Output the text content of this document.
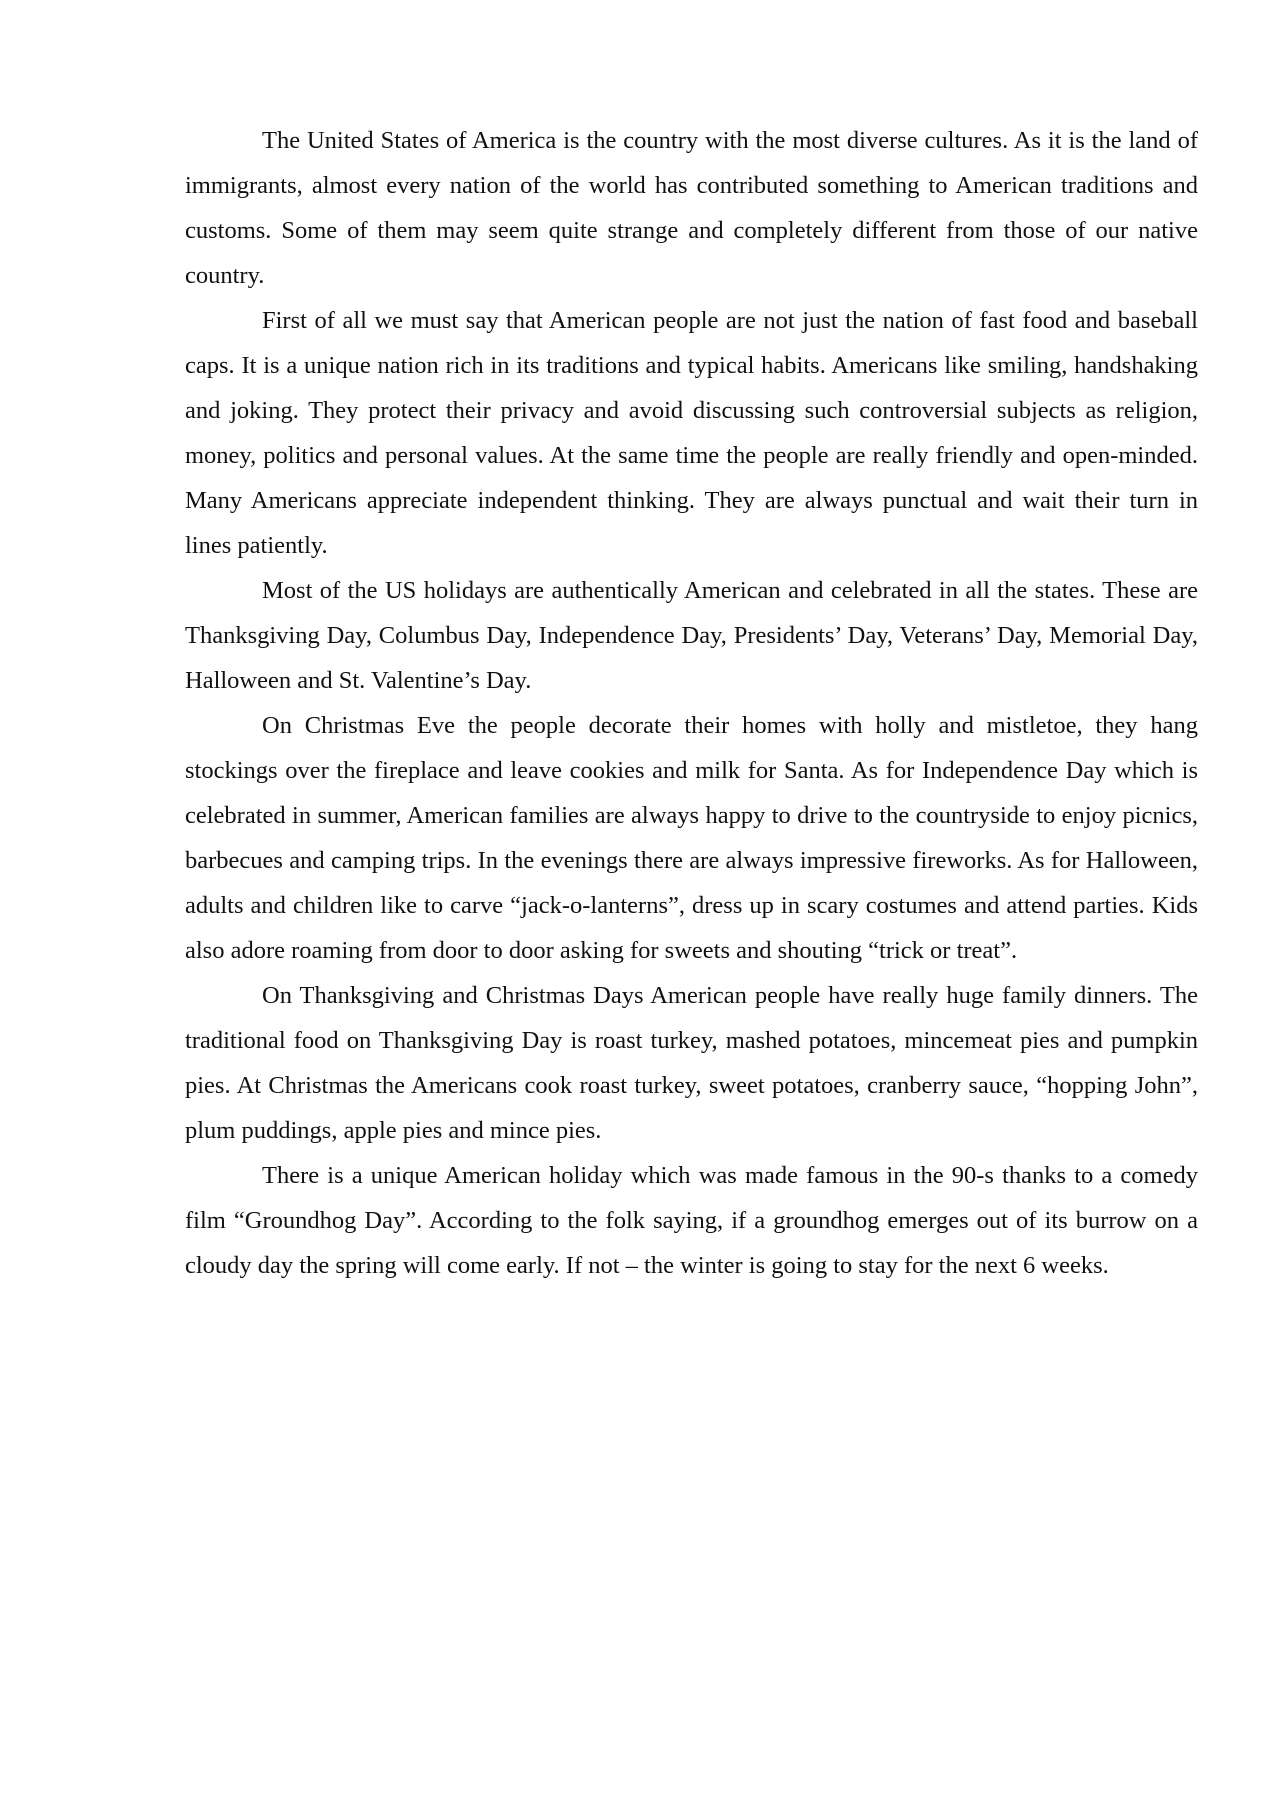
The United States of America is the country with the most diverse cultures. As it is the land of immigrants, almost every nation of the world has contributed something to American traditions and customs. Some of them may seem quite strange and completely different from those of our native country.

First of all we must say that American people are not just the nation of fast food and baseball caps. It is a unique nation rich in its traditions and typical habits. Americans like smiling, handshaking and joking. They protect their privacy and avoid discussing such controversial subjects as religion, money, politics and personal values. At the same time the people are really friendly and open-minded. Many Americans appreciate independent thinking. They are always punctual and wait their turn in lines patiently.

Most of the US holidays are authentically American and celebrated in all the states. These are Thanksgiving Day, Columbus Day, Independence Day, Presidents’ Day, Veterans’ Day, Memorial Day, Halloween and St. Valentine’s Day.

On Christmas Eve the people decorate their homes with holly and mistletoe, they hang stockings over the fireplace and leave cookies and milk for Santa. As for Independence Day which is celebrated in summer, American families are always happy to drive to the countryside to enjoy picnics, barbecues and camping trips. In the evenings there are always impressive fireworks. As for Halloween, adults and children like to carve “jack-o-lanterns”, dress up in scary costumes and attend parties. Kids also adore roaming from door to door asking for sweets and shouting “trick or treat”.

On Thanksgiving and Christmas Days American people have really huge family dinners. The traditional food on Thanksgiving Day is roast turkey, mashed potatoes, mincemeat pies and pumpkin pies. At Christmas the Americans cook roast turkey, sweet potatoes, cranberry sauce, “hopping John”, plum puddings, apple pies and mince pies.

There is a unique American holiday which was made famous in the 90-s thanks to a comedy film “Groundhog Day”. According to the folk saying, if a groundhog emerges out of its burrow on a cloudy day the spring will come early. If not – the winter is going to stay for the next 6 weeks.
